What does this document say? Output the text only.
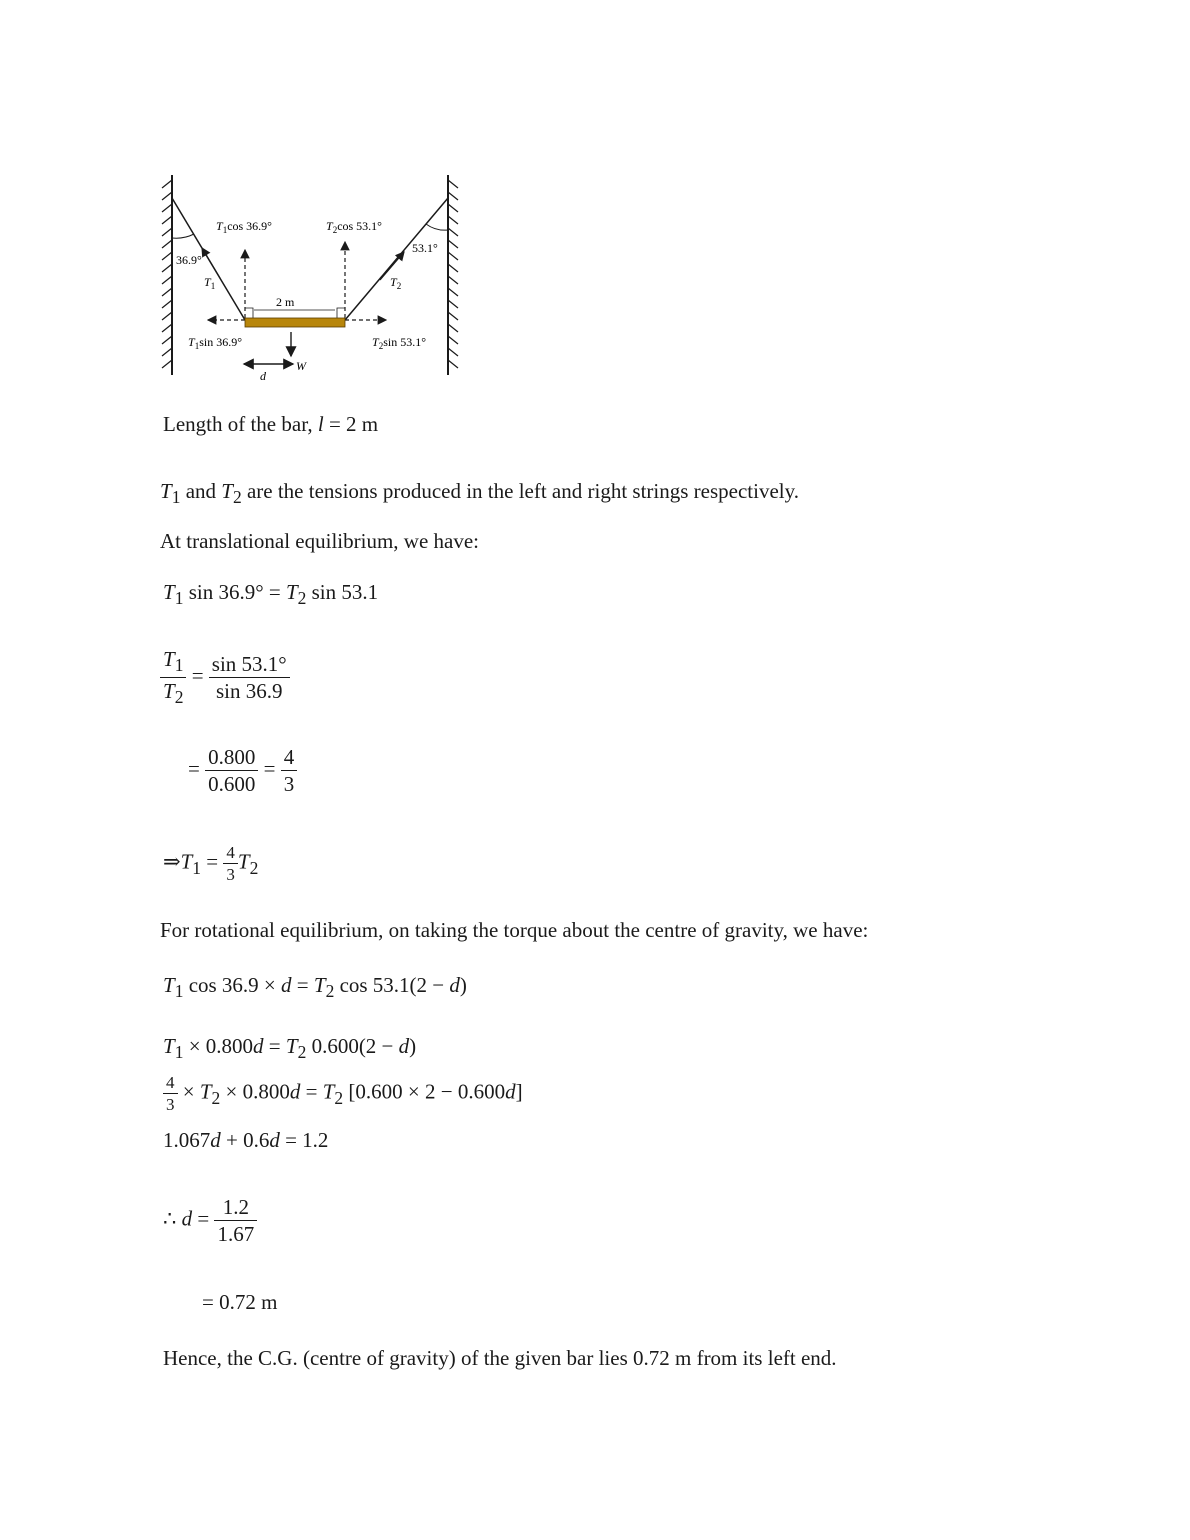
$T_1\cos$ 36.9°	$T_2\cos$ 53.1°
36.9°
53.1°
$T_1$	$T_2$
2 m
$T_1\sin$ 36.9°	$T_2\sin$ 53.1°
W
d
Length of the bar, l = 2 m
$T_1$ and $T_2$ are the tensions produced in the left and right strings respectively.
At translational equilibrium, we have:
$T_1$ $\sin 36.9^\circ = T_2$ sin 53.1
$\frac{T_1}{T_2} = \frac{\sin 53.1^\circ}{\sin 36.9}$
= $\frac{0.800}{0.600} = \frac{4}{3}$
$\Rightarrow T_1 = \frac{4}{3} T_2$
For rotational equilibrium, on taking the torque about the centre of gravity, we have:
$T_1$ $\cos 36.9 \times d = T_2$ cos 53.1(2 − d)
$T_1 \times 0.800d = T_2$ 0.600(2 − d)
$\frac{4}{3} \times T_2 \times 0.800d = T_2$ [0.600 × 2 − 0.600d]
1.067d + 0.6d = 1.2
∴ $d = \frac{1.2}{1.67}$
= 0.72 m
Hence, the C.G. (centre of gravity) of the given bar lies 0.72 m from its left end.
